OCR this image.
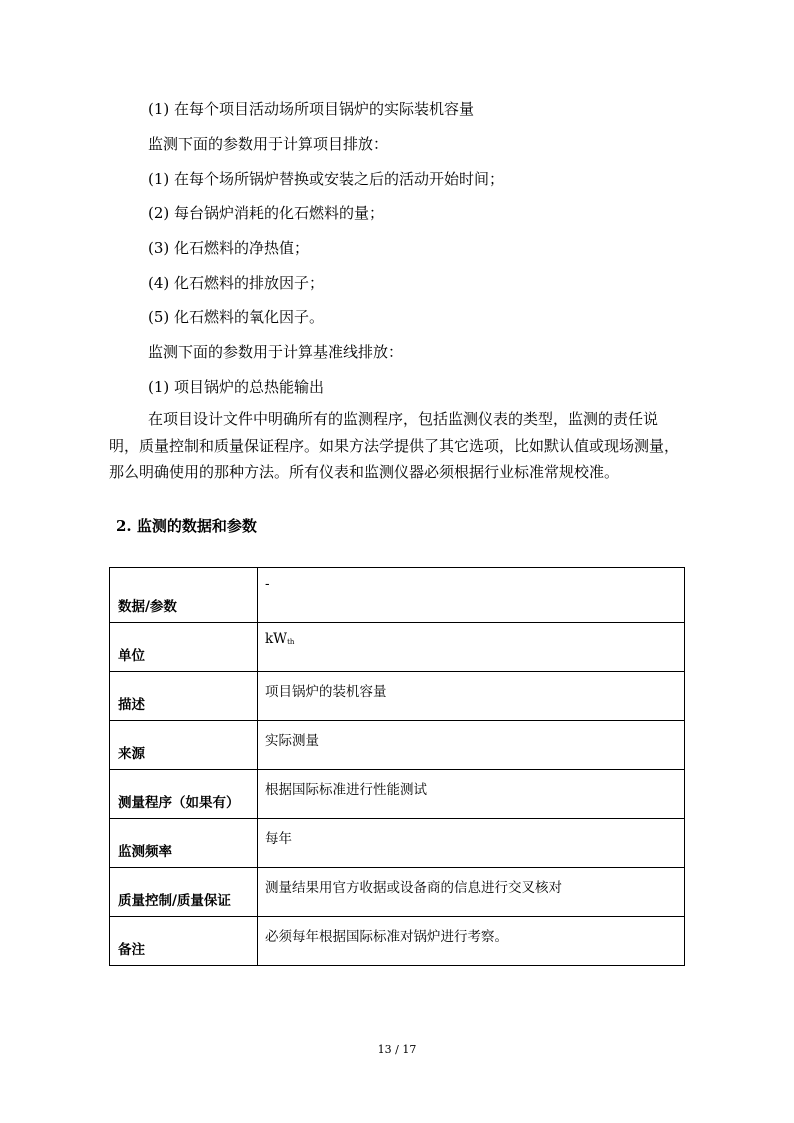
(1) 在每个项目活动场所项目锅炉的实际装机容量
监测下面的参数用于计算项目排放：
(1) 在每个场所锅炉替换或安装之后的活动开始时间；
(2) 每台锅炉消耗的化石燃料的量；
(3) 化石燃料的净热值；
(4) 化石燃料的排放因子；
(5) 化石燃料的氧化因子。
监测下面的参数用于计算基准线排放：
(1) 项目锅炉的总热能输出
在项目设计文件中明确所有的监测程序，包括监测仪表的类型，监测的责任说明，质量控制和质量保证程序。如果方法学提供了其它选项，比如默认值或现场测量，那么明确使用的那种方法。所有仪表和监测仪器必须根据行业标准常规校准。
2. 监测的数据和参数
数据/参数	-
单位	kWth
描述	项目锅炉的装机容量
来源	实际测量
测量程序（如果有）	根据国际标准进行性能测试
监测频率	每年
质量控制/质量保证	测量结果用官方收据或设备商的信息进行交叉核对
备注	必须每年根据国际标准对锅炉进行考察。
13 / 17
